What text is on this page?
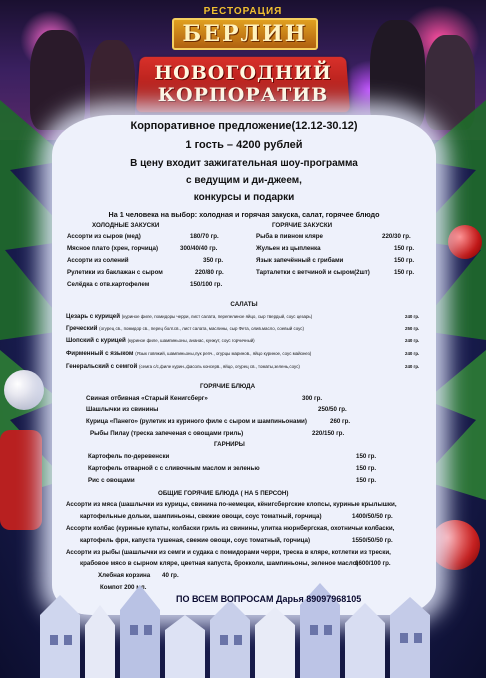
РЕСТОРАЦИЯ
БЕРЛИН
НОВОГОДНИЙ
КОРПОРАТИВ
Корпоративное предложение(12.12-30.12)
1 гость – 4200 рублей
В цену входит зажигательная шоу-программа
с ведущим и ди-джеем,
конкурсы и подарки
На 1 человека на выбор: холодная и горячая закуска, салат, горячее блюдо
ХОЛОДНЫЕ ЗАКУСКИ	ГОРЯЧИЕ ЗАКУСКИ
Ассорти из сыров (мед)	180/70 гр.
Мясное плато (хрен, горчица)	300/40/40 гр.
Ассорти из солений	350 гр.
Рулетики из баклажан с сыром	220/80 гр.
Селёдка с отв.картофелем	150/100 гр.
Рыба в пивном кляре	220/30 гр.
Жульен из цыпленка	150 гр.
Язык запечённый с грибами	150 гр.
Тарталетки с ветчиной и сыром(2шт)	150 гр.
САЛАТЫ
Цезарь с курицей (куриное филе, помидоры черри, лист салата, перепелиное яйцо, сыр твердый, соус цезарь)	240 гр.
Греческий (огурец св., помидор св., перец болг.св., лист салата, маслины, сыр Фета, олив.масло, соевый соус)	250 гр.
Шопский с курицей (куриное филе, шампиньоны, ананас, кунжут, соус горчичный)	240 гр.
Фирменный с языком (Язык говяжий, шампиньоны,лук репч., огурцы маринов., яйцо куриное, соус майонез)	240 гр.
Генеральский с семгой (семга с/с,филе курин.,фасоль консерв., яйцо, огурец св., томаты,зелень,соус)	240 гр.
ГОРЯЧИЕ БЛЮДА
Свиная отбивная «Старый Кенигсберг»	300 гр.
Шашлычки из свинины	250/50 гр.
Курица «Панего» (рулетик из куриного филе с сыром и шампиньонами)	260 гр.
Рыбы Пилау (треска запеченая с овощами гриль)	220/150 гр.
ГАРНИРЫ
Картофель по-деревенски	150 гр.
Картофель отварной с с сливочным маслом и зеленью	150 гр.
Рис с овощами	150 гр.
ОБЩИЕ ГОРЯЧИЕ БЛЮДА ( НА 5 ПЕРСОН)
Ассорти из мяса (шашлычки из курицы, свинина по-немецки, кёнигсбергские клопсы, куриные крылышки,
картофельные дольки, шампиньоны, свежие овощи, соус томатный, горчица)	1400/50/50 гр.
Ассорти колбас (куриные купаты, колбаски гриль из свинины, улитка нюрнбергская, охотничьи колбаски,
картофель фри, капуста тушеная, свежие овощи, соус томатный, горчица)	1550/50/50 гр.
Ассорти из рыбы (шашлычки из семги и судака с помидорами черри, треска в кляре, котлетки из трески,
крабовое мясо в сырном кляре, цветная капуста, брокколи, шампиньоны, зеленое масло)
1600/100 гр.
Хлебная корзина 40 гр.
Компот 200 мл.
ПО ВСЕМ ВОПРОСАМ Дарья 89097968105
